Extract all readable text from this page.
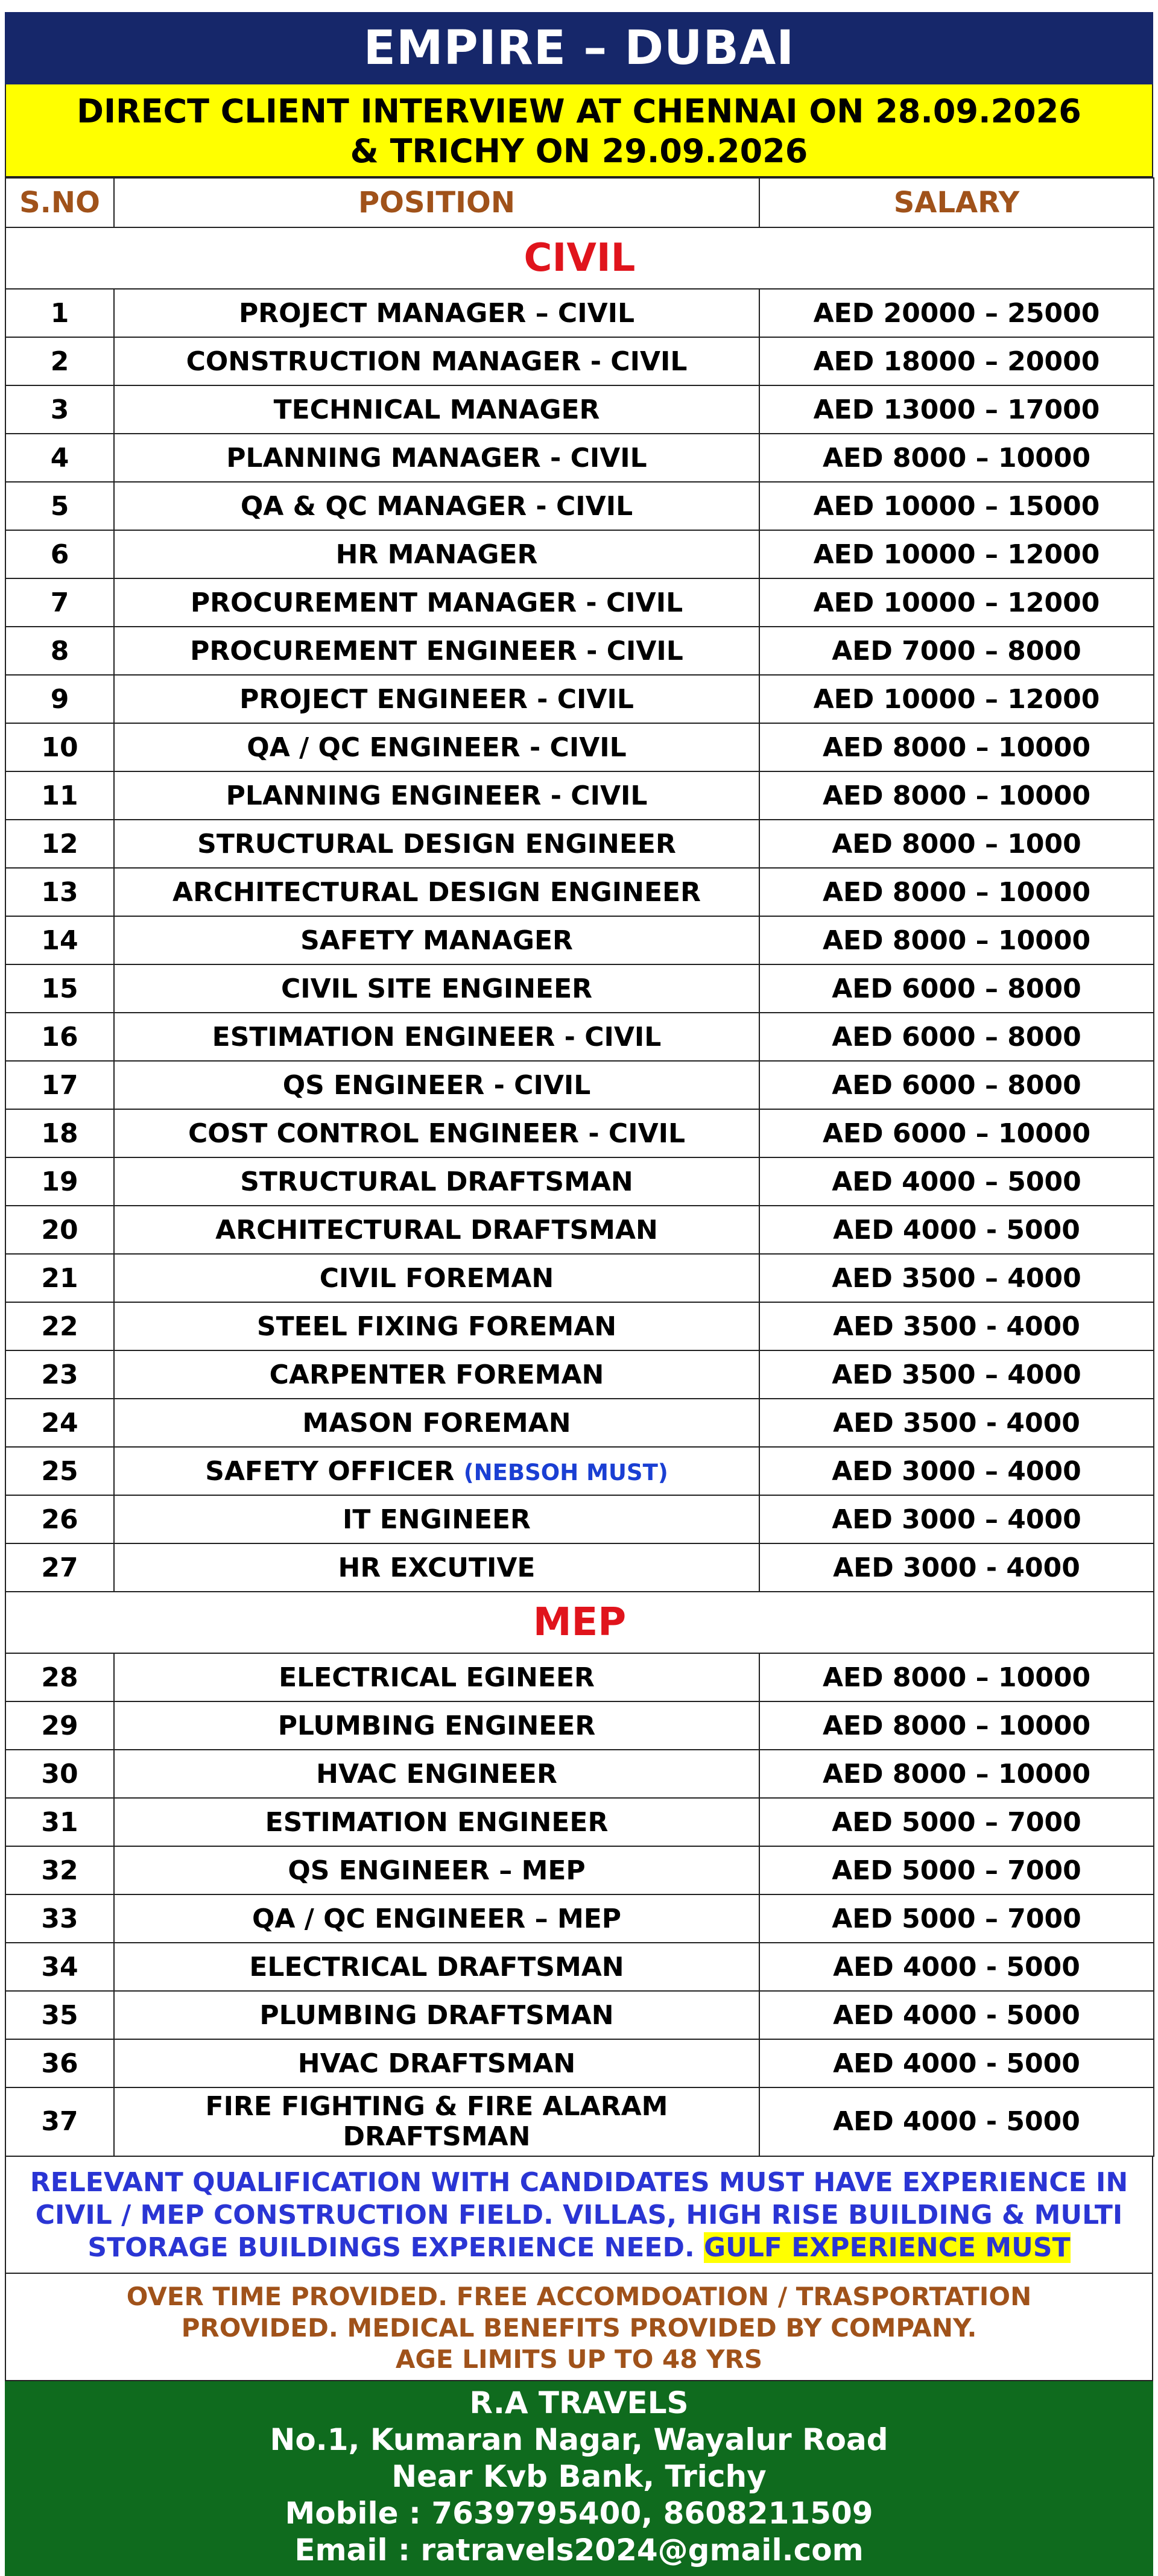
EMPIRE – DUBAI
DIRECT CLIENT INTERVIEW AT CHENNAI ON 28.09.2026
& TRICHY ON 29.09.2026
S.NO	POSITION	SALARY
CIVIL		
1	PROJECT MANAGER – CIVIL	AED 20000 – 25000
2	CONSTRUCTION MANAGER - CIVIL	AED 18000 – 20000
3	TECHNICAL MANAGER	AED 13000 – 17000
4	PLANNING MANAGER - CIVIL	AED 8000 – 10000
5	QA & QC MANAGER - CIVIL	AED 10000 – 15000
6	HR MANAGER	AED 10000 – 12000
7	PROCUREMENT MANAGER - CIVIL	AED 10000 – 12000
8	PROCUREMENT ENGINEER - CIVIL	AED 7000 – 8000
9	PROJECT ENGINEER - CIVIL	AED 10000 – 12000
10	QA / QC ENGINEER - CIVIL	AED 8000 – 10000
11	PLANNING ENGINEER - CIVIL	AED 8000 – 10000
12	STRUCTURAL DESIGN ENGINEER	AED 8000 – 1000
13	ARCHITECTURAL DESIGN ENGINEER	AED 8000 – 10000
14	SAFETY MANAGER	AED 8000 – 10000
15	CIVIL SITE ENGINEER	AED 6000 – 8000
16	ESTIMATION ENGINEER - CIVIL	AED 6000 – 8000
17	QS ENGINEER - CIVIL	AED 6000 – 8000
18	COST CONTROL ENGINEER - CIVIL	AED 6000 – 10000
19	STRUCTURAL DRAFTSMAN	AED 4000 – 5000
20	ARCHITECTURAL DRAFTSMAN	AED 4000 - 5000
21	CIVIL FOREMAN	AED 3500 – 4000
22	STEEL FIXING FOREMAN	AED 3500 - 4000
23	CARPENTER FOREMAN	AED 3500 – 4000
24	MASON FOREMAN	AED 3500 - 4000
25	SAFETY OFFICER (NEBSOH MUST)	AED 3000 – 4000
26	IT ENGINEER	AED 3000 – 4000
27	HR EXCUTIVE	AED 3000 - 4000
MEP		
28	ELECTRICAL EGINEER	AED 8000 – 10000
29	PLUMBING ENGINEER	AED 8000 – 10000
30	HVAC ENGINEER	AED 8000 – 10000
31	ESTIMATION ENGINEER	AED 5000 – 7000
32	QS ENGINEER – MEP	AED 5000 – 7000
33	QA / QC ENGINEER – MEP	AED 5000 – 7000
34	ELECTRICAL DRAFTSMAN	AED 4000 - 5000
35	PLUMBING DRAFTSMAN	AED 4000 - 5000
36	HVAC DRAFTSMAN	AED 4000 - 5000
37	FIRE FIGHTING & FIRE ALARAM DRAFTSMAN	AED 4000 - 5000
RELEVANT QUALIFICATION WITH CANDIDATES MUST HAVE EXPERIENCE IN CIVIL / MEP CONSTRUCTION FIELD. VILLAS, HIGH RISE BUILDING & MULTI STORAGE BUILDINGS EXPERIENCE NEED. GULF EXPERIENCE MUST
OVER TIME PROVIDED. FREE ACCOMDOATION / TRASPORTATION
PROVIDED. MEDICAL BENEFITS PROVIDED BY COMPANY.
AGE LIMITS UP TO 48 YRS
R.A TRAVELS
No.1, Kumaran Nagar, Wayalur Road
Near Kvb Bank, Trichy
Mobile : 7639795400, 8608211509
Email : ratravels2024@gmail.com
